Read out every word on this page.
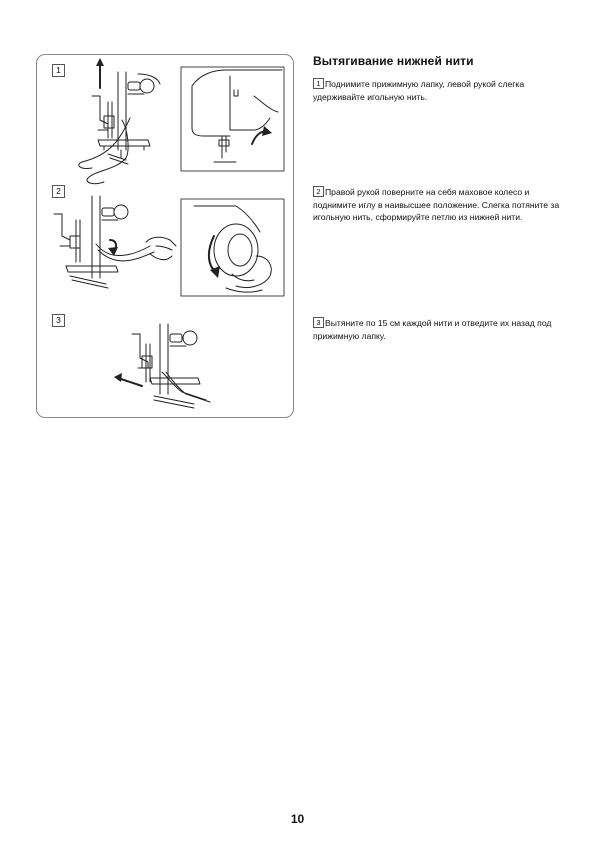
1
2
3
Вытягивание нижней нити
1 Поднимите прижимную лапку, левой рукой слегка удерживайте игольную нить.
2 Правой рукой поверните на себя маховое колесо и поднимите иглу в наивысшее положение. Слегка потяните за игольную нить, сформируйте петлю из нижней нити.
3 Вытяните по 15 см каждой нити и отведите их назад под прижимную лапку.
10
